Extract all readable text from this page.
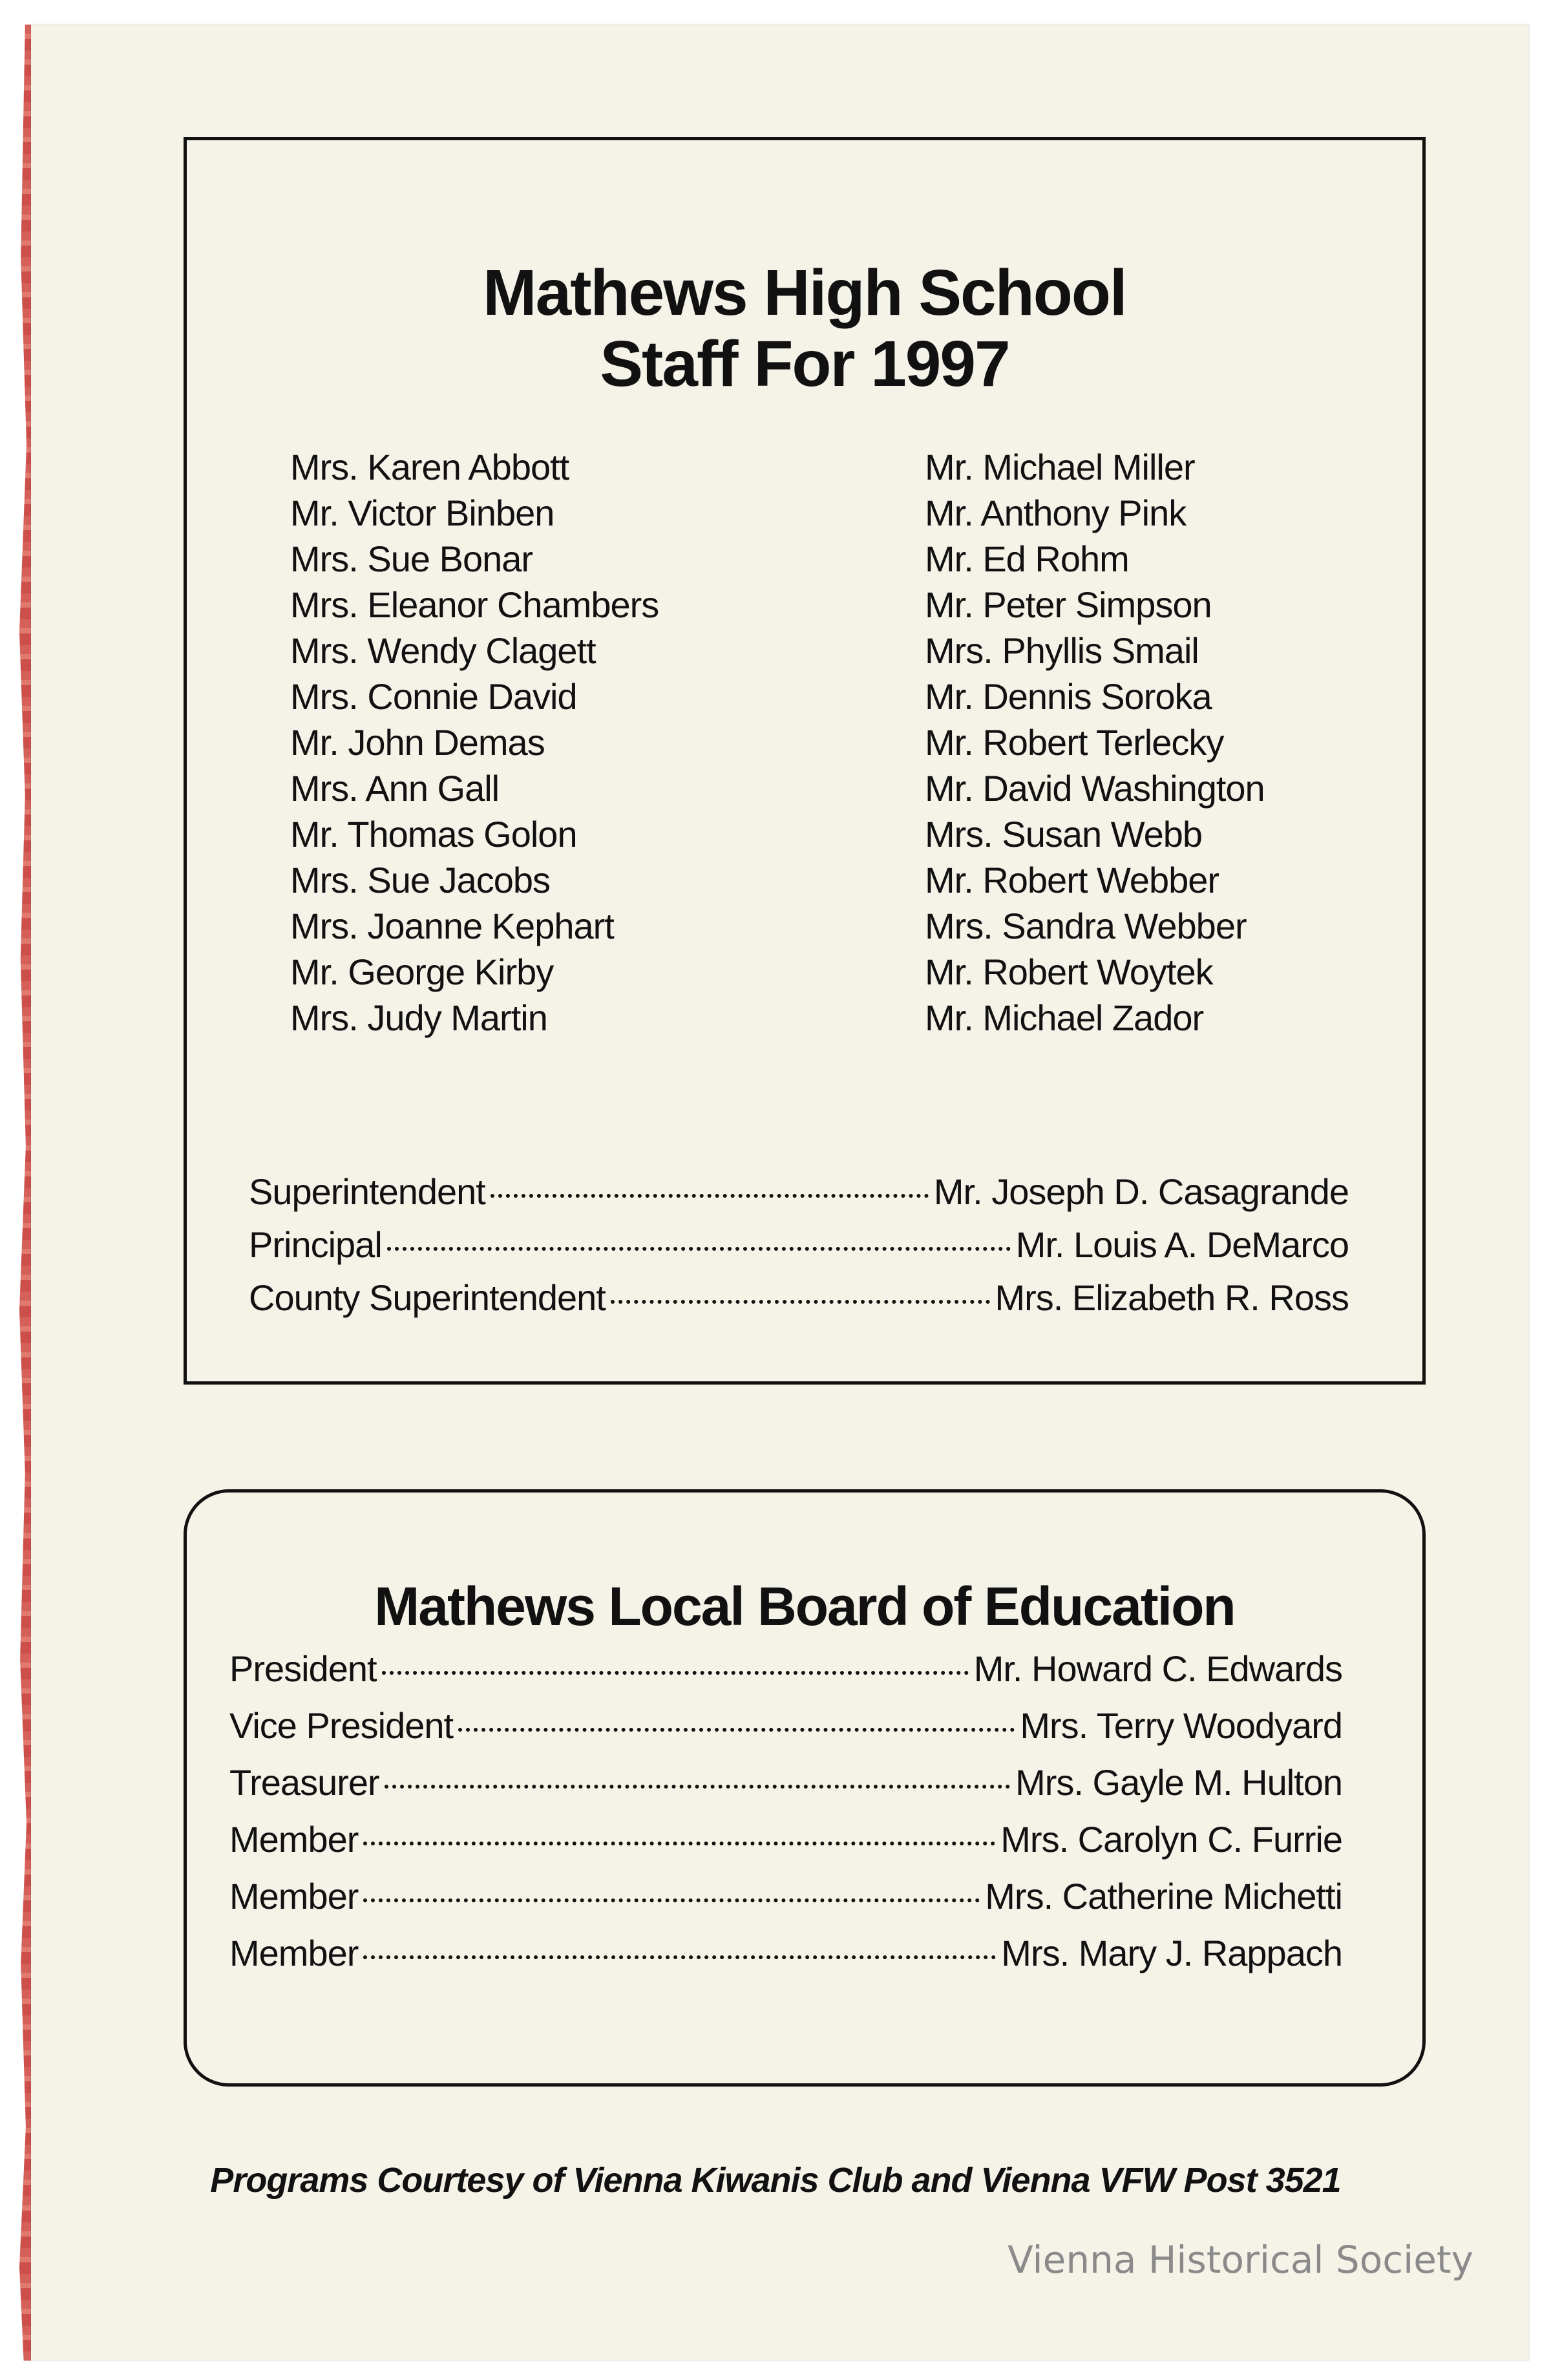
Mathews High School
Staff For 1997
Mrs. Karen Abbott
Mr. Victor Binben
Mrs. Sue Bonar
Mrs. Eleanor Chambers
Mrs. Wendy Clagett
Mrs. Connie David
Mr. John Demas
Mrs. Ann Gall
Mr. Thomas Golon
Mrs. Sue Jacobs
Mrs. Joanne Kephart
Mr. George Kirby
Mrs. Judy Martin
Mr. Michael Miller
Mr. Anthony Pink
Mr. Ed Rohm
Mr. Peter Simpson
Mrs. Phyllis Smail
Mr. Dennis Soroka
Mr. Robert Terlecky
Mr. David Washington
Mrs. Susan Webb
Mr. Robert Webber
Mrs. Sandra Webber
Mr. Robert Woytek
Mr. Michael Zador
Superintendent	Mr. Joseph D. Casagrande
Principal	Mr. Louis A. DeMarco
County Superintendent	Mrs. Elizabeth R. Ross
Mathews Local Board of Education
President	Mr. Howard C. Edwards
Vice President	Mrs. Terry Woodyard
Treasurer	Mrs. Gayle M. Hulton
Member	Mrs. Carolyn C. Furrie
Member	Mrs. Catherine Michetti
Member	Mrs. Mary J. Rappach
Programs Courtesy of Vienna Kiwanis Club and Vienna VFW Post 3521
Vienna Historical Society
